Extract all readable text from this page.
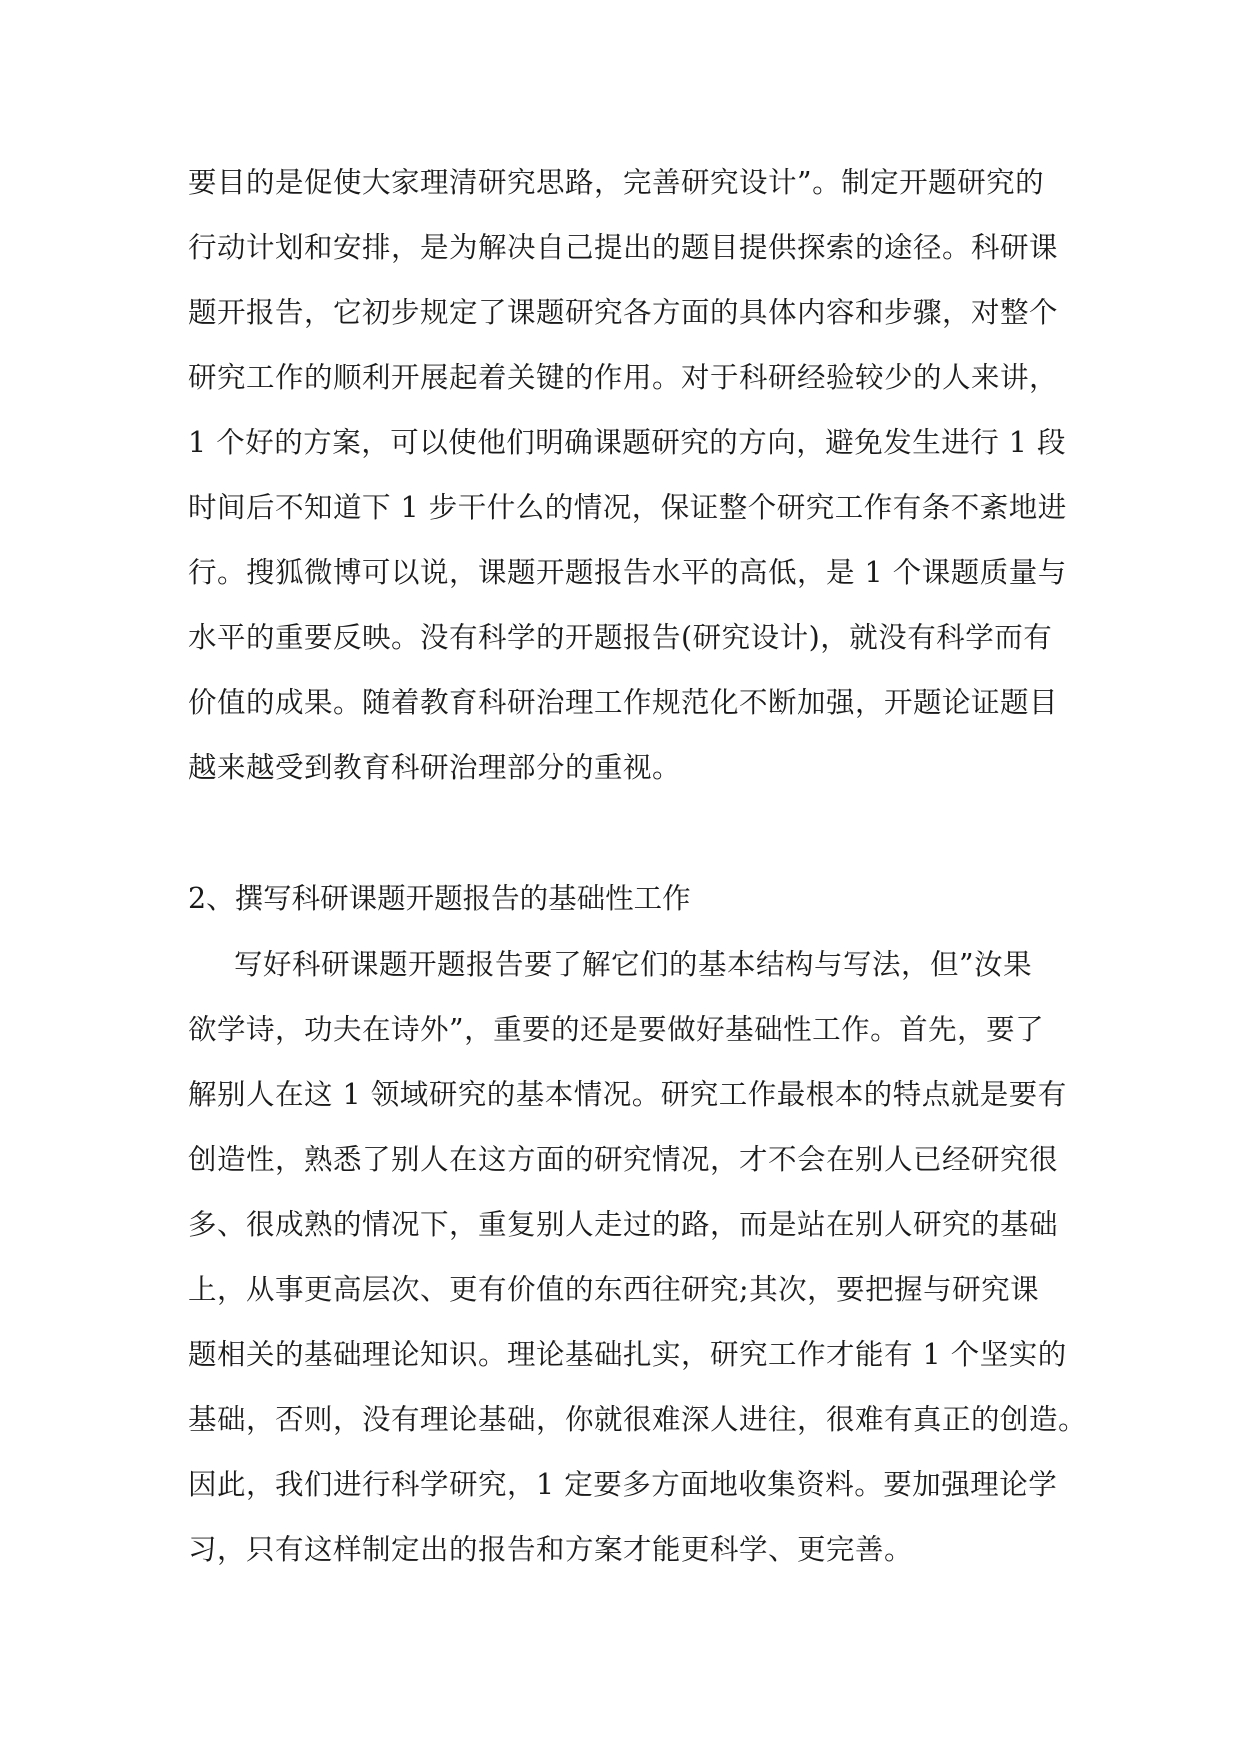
要目的是促使大家理清研究思路，完善研究设计”。制定开题研究的
行动计划和安排，是为解决自己提出的题目提供探索的途径。科研课
题开报告，它初步规定了课题研究各方面的具体内容和步骤，对整个
研究工作的顺利开展起着关键的作用。对于科研经验较少的人来讲，
1 个好的方案，可以使他们明确课题研究的方向，避免发生进行 1 段
时间后不知道下 1 步干什么的情况，保证整个研究工作有条不紊地进
行。搜狐微博可以说，课题开题报告水平的高低，是 1 个课题质量与
水平的重要反映。没有科学的开题报告(研究设计)，就没有科学而有
价值的成果。随着教育科研治理工作规范化不断加强，开题论证题目
越来越受到教育科研治理部分的重视。
2、撰写科研课题开题报告的基础性工作
写好科研课题开题报告要了解它们的基本结构与写法，但”汝果
欲学诗，功夫在诗外”，重要的还是要做好基础性工作。首先，要了
解别人在这 1 领域研究的基本情况。研究工作最根本的特点就是要有
创造性，熟悉了别人在这方面的研究情况，才不会在别人已经研究很
多、很成熟的情况下，重复别人走过的路，而是站在别人研究的基础
上，从事更高层次、更有价值的东西往研究;其次，要把握与研究课
题相关的基础理论知识。理论基础扎实，研究工作才能有 1 个坚实的
基础，否则，没有理论基础，你就很难深人进往，很难有真正的创造。
因此，我们进行科学研究，1 定要多方面地收集资料。要加强理论学
习，只有这样制定出的报告和方案才能更科学、更完善。
